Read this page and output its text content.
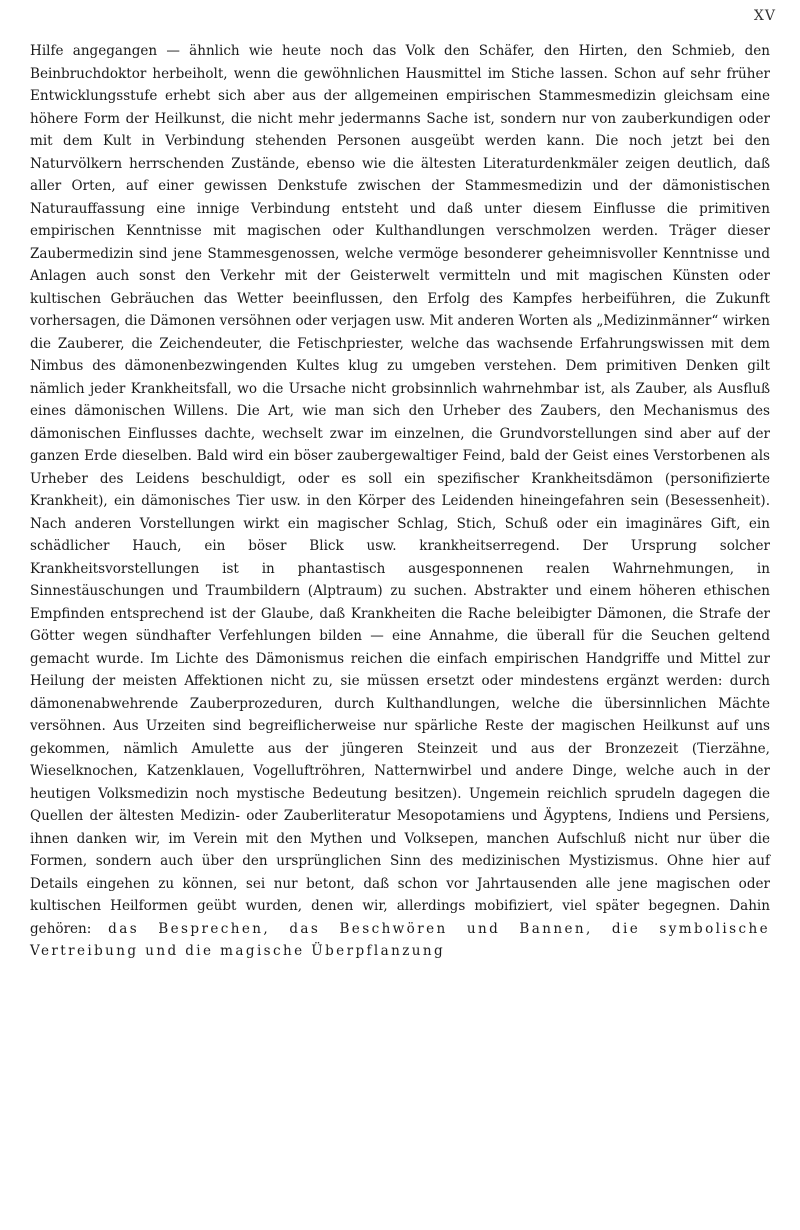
XV

Hilfe angegangen — ähnlich wie heute noch das Volk den Schäfer, den Hirten, den Schmieb, den Beinbruchdoktor herbeiholt, wenn die gewöhnlichen Hausmittel im Stiche lassen. Schon auf sehr früher Entwicklungsstufe erhebt sich aber aus der allgemeinen empirischen Stammesmedizin gleichsam eine höhere Form der Heilkunst, die nicht mehr jedermanns Sache ist, sondern nur von zauberkundigen oder mit dem Kult in Verbindung stehenden Personen ausgeübt werden kann. Die noch jetzt bei den Naturvölkern herrschenden Zustände, ebenso wie die ältesten Literaturdenkmäler zeigen deutlich, daß aller Orten, auf einer gewissen Denkstufe zwischen der Stammesmedizin und der dämonistischen Naturauffassung eine innige Verbindung entsteht und daß unter diesem Einflusse die primitiven empirischen Kenntnisse mit magischen oder Kulthandlungen verschmolzen werden. Träger dieser Zaubermedizin sind jene Stammesgenossen, welche vermöge besonderer geheimnisvoller Kenntnisse und Anlagen auch sonst den Verkehr mit der Geisterwelt vermitteln und mit magischen Künsten oder kultischen Gebräuchen das Wetter beeinflussen, den Erfolg des Kampfes herbeiführen, die Zukunft vorhersagen, die Dämonen versöhnen oder verjagen usw. Mit anderen Worten als „Medizinmänner“ wirken die Zauberer, die Zeichendeuter, die Fetischpriester, welche das wachsende Erfahrungswissen mit dem Nimbus des dämonenbezwingenden Kultes klug zu umgeben verstehen. Dem primitiven Denken gilt nämlich jeder Krankheitsfall, wo die Ursache nicht grobsinnlich wahrnehmbar ist, als Zauber, als Ausfluß eines dämonischen Willens. Die Art, wie man sich den Urheber des Zaubers, den Mechanismus des dämonischen Einflusses dachte, wechselt zwar im einzelnen, die Grundvorstellungen sind aber auf der ganzen Erde dieselben. Bald wird ein böser zaubergewaltiger Feind, bald der Geist eines Verstorbenen als Urheber des Leidens beschuldigt, oder es soll ein spezifischer Krankheitsdämon (personifizierte Krankheit), ein dämonisches Tier usw. in den Körper des Leidenden hineingefahren sein (Besessenheit). Nach anderen Vorstellungen wirkt ein magischer Schlag, Stich, Schuß oder ein imaginäres Gift, ein schädlicher Hauch, ein böser Blick usw. krankheitserregend. Der Ursprung solcher Krankheitsvorstellungen ist in phantastisch ausgesponnenen realen Wahrnehmungen, in Sinnestäuschungen und Traumbildern (Alptraum) zu suchen. Abstrakter und einem höheren ethischen Empfinden entsprechend ist der Glaube, daß Krankheiten die Rache beleibigter Dämonen, die Strafe der Götter wegen sündhafter Verfehlungen bilden — eine Annahme, die überall für die Seuchen geltend gemacht wurde. Im Lichte des Dämonismus reichen die einfach empirischen Handgriffe und Mittel zur Heilung der meisten Affektionen nicht zu, sie müssen ersetzt oder mindestens ergänzt werden: durch dämonenabwehrende Zauberprozeduren, durch Kulthandlungen, welche die übersinnlichen Mächte versöhnen. Aus Urzeiten sind begreiflicherweise nur spärliche Reste der magischen Heilkunst auf uns gekommen, nämlich Amulette aus der jüngeren Steinzeit und aus der Bronzezeit (Tierzähne, Wieselknochen, Katzenklauen, Vogelluftröhren, Natternwirbel und andere Dinge, welche auch in der heutigen Volksmedizin noch mystische Bedeutung besitzen). Ungemein reichlich sprudeln dagegen die Quellen der ältesten Medizin- oder Zauberliteratur Mesopotamiens und Ägyptens, Indiens und Persiens, ihnen danken wir, im Verein mit den Mythen und Volksepen, manchen Aufschluß nicht nur über die Formen, sondern auch über den ursprünglichen Sinn des medizinischen Mystizismus. Ohne hier auf Details eingehen zu können, sei nur betont, daß schon vor Jahrtausenden alle jene magischen oder kultischen Heilformen geübt wurden, denen wir, allerdings mobifiziert, viel später begegnen. Dahin gehören: das Besprechen, das Beschwören und Bannen, die symbolische Vertreibung und die magische Überpflanzung
